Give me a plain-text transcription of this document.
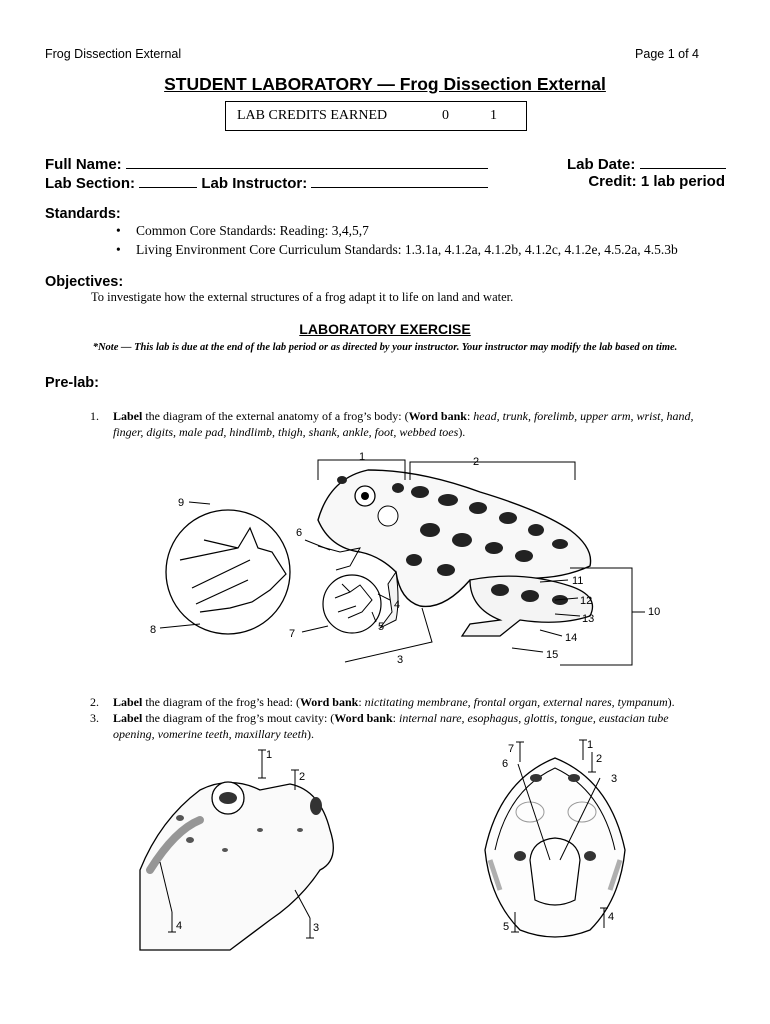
Frog Dissection External	Page 1 of 4
STUDENT LABORATORY — Frog Dissection External
LAB CREDITS EARNED	0	1
Full Name:	Lab Date:
Lab Section:	Lab Instructor:	Credit: 1 lab period
Standards:
• Common Core Standards: Reading: 3,4,5,7
• Living Environment Core Curriculum Standards: 1.3.1a, 4.1.2a, 4.1.2b, 4.1.2c, 4.1.2e, 4.5.2a, 4.5.3b
Objectives:
To investigate how the external structures of a frog adapt it to life on land and water.
LABORATORY EXERCISE
*Note — This lab is due at the end of the lab period or as directed by your instructor. Your instructor may modify the lab based on time.
Pre-lab:
1. Label the diagram of the external anatomy of a frog’s body: (Word bank: head, trunk, forelimb, upper arm, wrist, hand,
finger, digits, male pad, hindlimb, thigh, shank, ankle, foot, webbed toes).
1	2
3
4
5
6
7
8
9
10
11
12
13
14
15
2. Label the diagram of the frog’s head: (Word bank: nictitating membrane, frontal organ, external nares, tympanum).
3. Label the diagram of the frog’s mout cavity: (Word bank: internal nare, esophagus, glottis, tongue, eustacian tube
opening, vomerine teeth, maxillary teeth).
1
2
3
4
1
2
3
4
5
6
7
